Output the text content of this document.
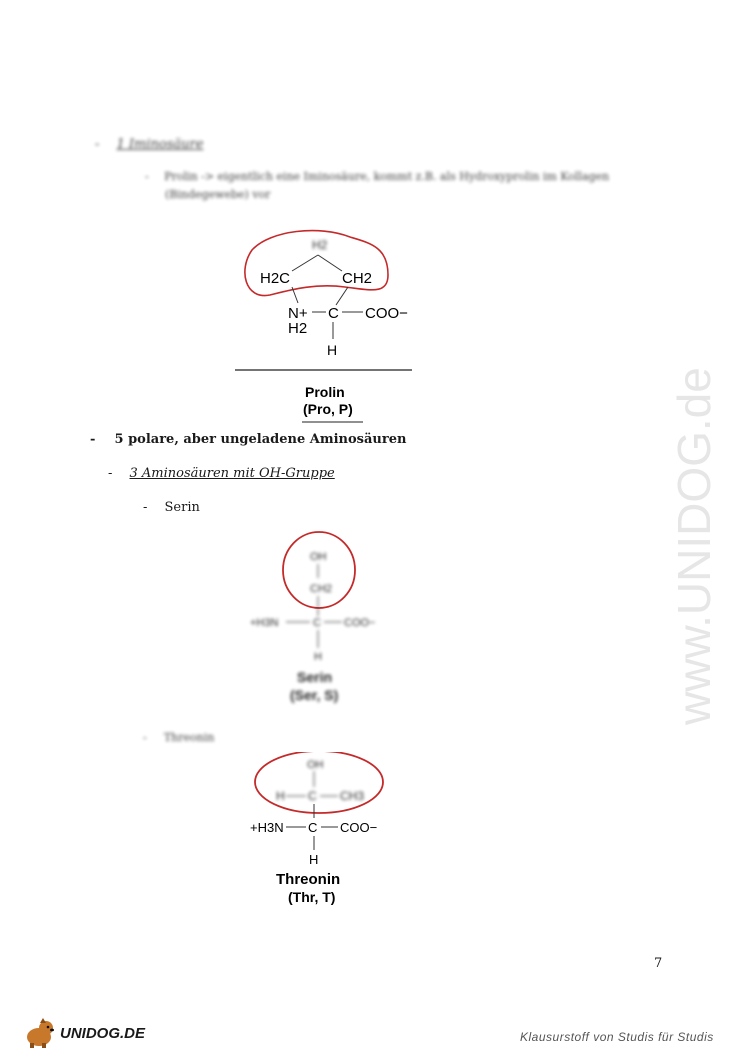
- 1 Iminosäure
- Prolin -> eigentlich eine Iminosäure, kommt z.B. als Hydroxyprolin im Kollagen
(Bindegewebe) vor
H2
H2C	CH2
N+
H2
C COO−
H
Prolin
(Pro, P)
- 5 polare, aber ungeladene Aminosäuren
- 3 Aminosäuren mit OH-Gruppe
- Serin
OH
CH2
+H3N	C COO−
H
Serin
(Ser, S)
- Threonin
OH
H C CH3
+H3N C COO−
H
Threonin
(Thr, T)
www.UNIDOG.de
7
UNIDOG.DE	Klausurstoff von Studis für Studis
